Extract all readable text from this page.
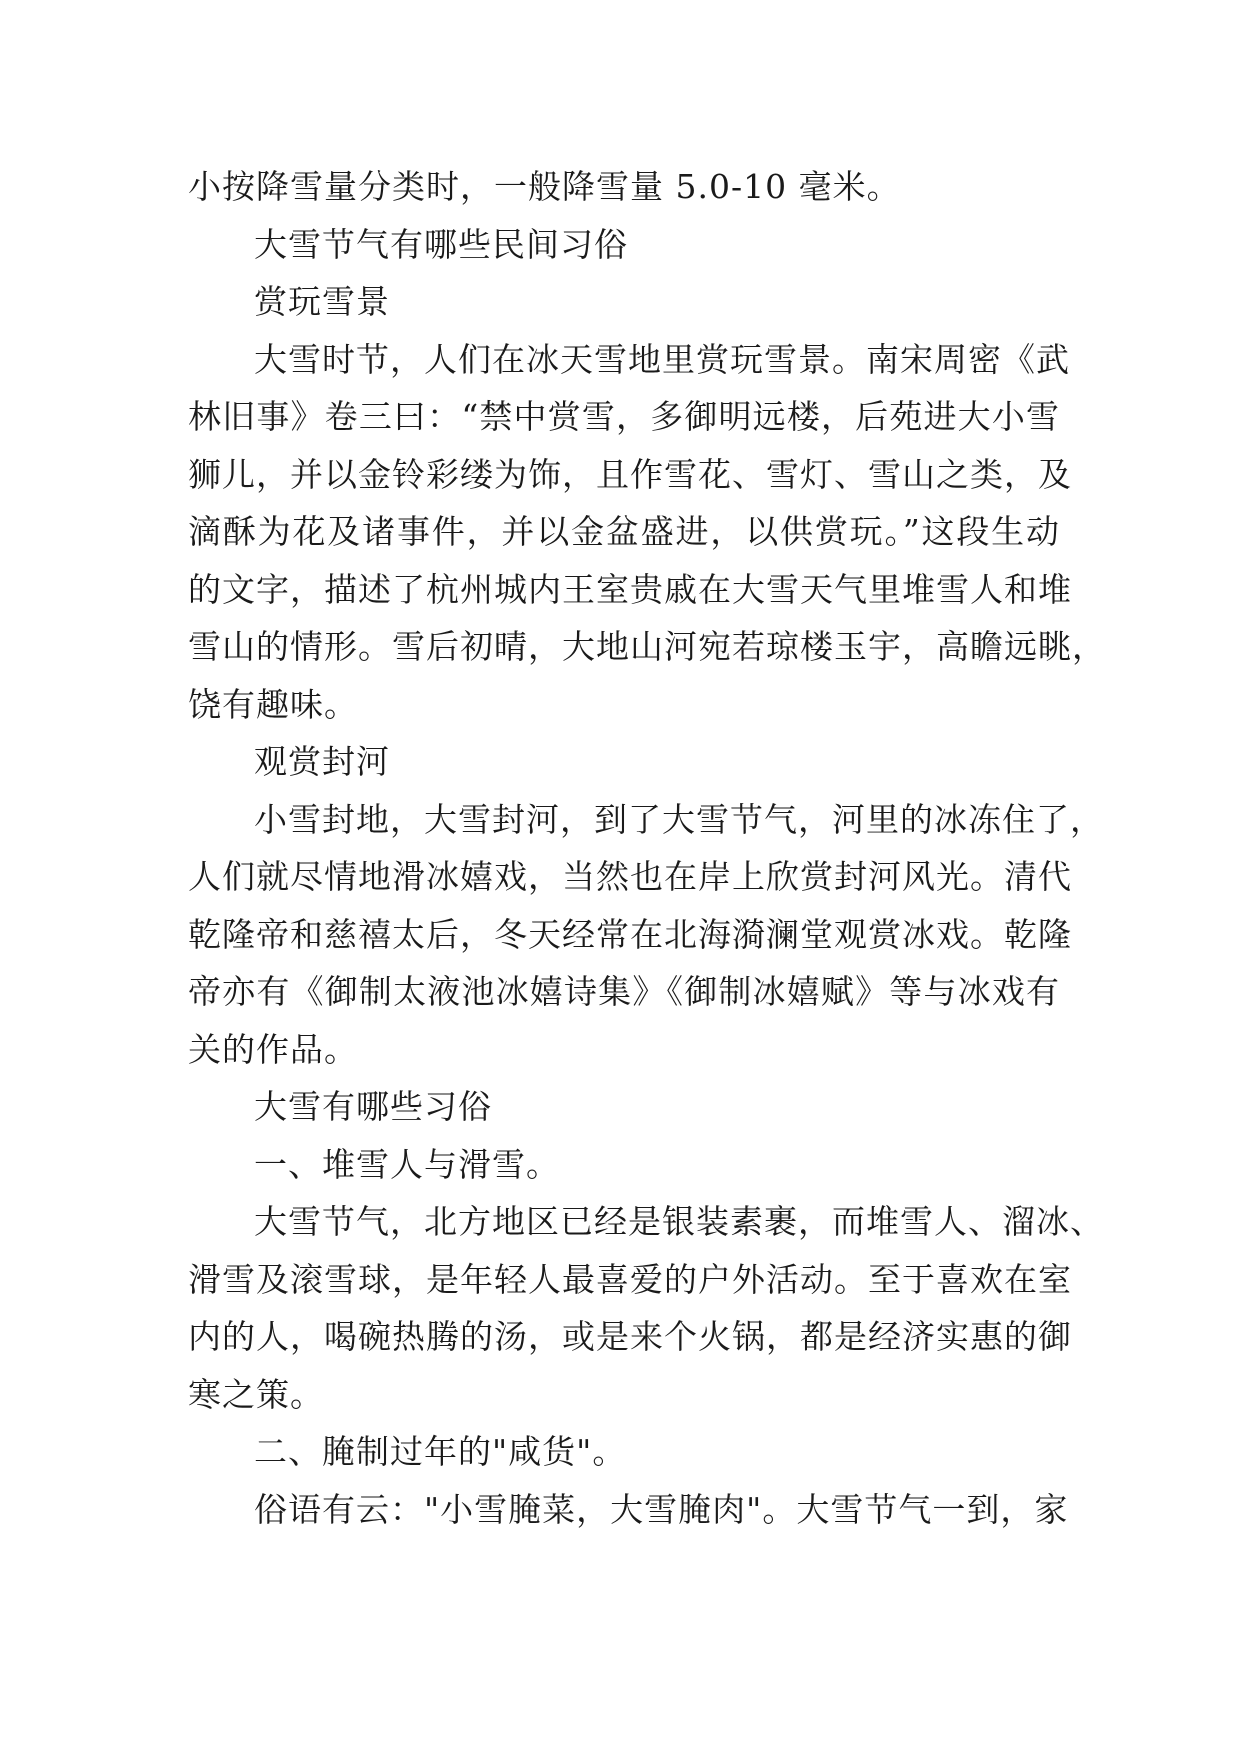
小按降雪量分类时，一般降雪量 5.0-10 毫米。
大雪节气有哪些民间习俗
赏玩雪景
大雪时节，人们在冰天雪地里赏玩雪景。南宋周密《武
林旧事》卷三曰：“禁中赏雪，多御明远楼，后苑进大小雪
狮儿，并以金铃彩缕为饰，且作雪花、雪灯、雪山之类，及
滴酥为花及诸事件，并以金盆盛进，以供赏玩。”这段生动
的文字，描述了杭州城内王室贵戚在大雪天气里堆雪人和堆
雪山的情形。雪后初晴，大地山河宛若琼楼玉宇，高瞻远眺，
饶有趣味。
观赏封河
小雪封地，大雪封河，到了大雪节气，河里的冰冻住了，
人们就尽情地滑冰嬉戏，当然也在岸上欣赏封河风光。清代
乾隆帝和慈禧太后，冬天经常在北海漪澜堂观赏冰戏。乾隆
帝亦有《御制太液池冰嬉诗集》《御制冰嬉赋》等与冰戏有
关的作品。
大雪有哪些习俗
一、堆雪人与滑雪。
大雪节气，北方地区已经是银装素裹，而堆雪人、溜冰、
滑雪及滚雪球，是年轻人最喜爱的户外活动。至于喜欢在室
内的人，喝碗热腾的汤，或是来个火锅，都是经济实惠的御
寒之策。
二、腌制过年的"咸货"。
俗语有云："小雪腌菜，大雪腌肉"。大雪节气一到，家
